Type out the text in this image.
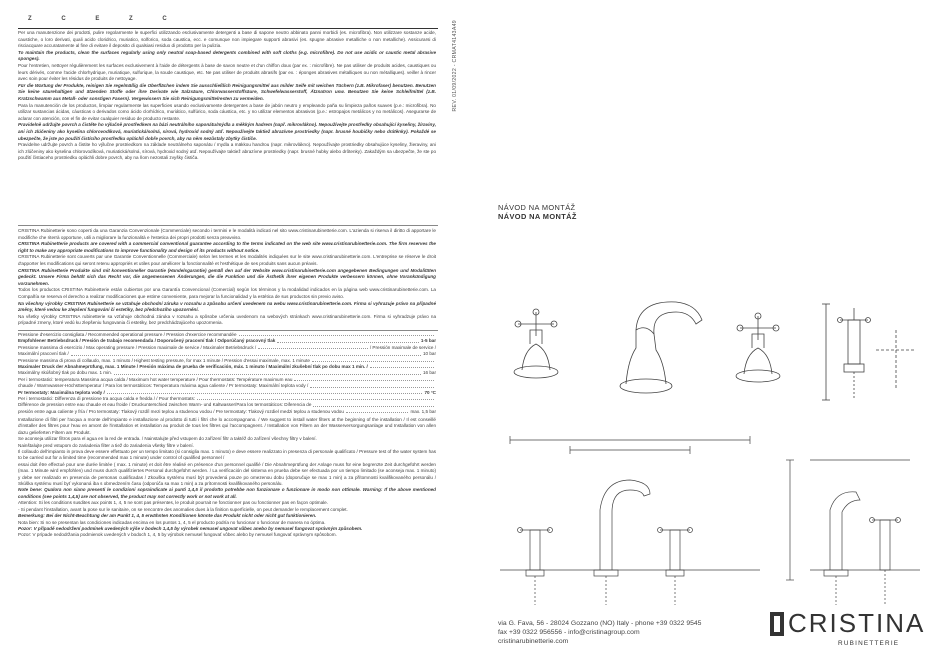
Z C E Z C

Per una manutenzione dei prodotti, pulire regolarmente le superfici utilizzando esclusivamente detergenti a base di sapone neutro abbinato panni morbidi (es. microfibra). Non utilizzare sostanze acide, caustiche, o loro derivati, quali acido cloridrico, muriatico, solforico, soda caustica, ecc. e comunque non impiegare supporti abrasivi (es. spugne abrasive metalliche o non metalliche). Assicurarsi di risciacquare accuratamente al fine di evitare il deposito di qualsiasi residuo di prodotto per la pulizia.

To maintain the products, clean the surfaces regularly using only neutral soap-based detergents combined with soft cloths (e.g. microfibre). Do not use acidic or caustic metal abrasive sponges).

Pour l'entretien, nettoyer régulièrement les surfaces exclusivement à l'aide de détergents à base de savon neutre et d'un chiffon doux (par ex. : microfibre). Ne pas utiliser de produits acides, caustiques ou leurs dérivés, comme l'acide chlorhydrique, muriatique, sulfurique, la soude caustique, etc. Ne pas utiliser de produits abrasifs (par ex. : éponges abrasives métalliques ou non métalliques). veiller à rincer avec soin pour éviter les résidus de produits de nettoyage.

Für die Wartung der Produkte, reinigen Sie regelmäßig die Oberflächen indem Sie ausschließlich Reinigungsmittel aus milder Seife mit weichen Tüchern (z.B. Mikrofaser) benutzen. Benutzen Sie keine säurehaltigen und ätzenden Stoffe oder ihre Derivate wie Salzsäure, Chlorwasserstoffsäure, Schwefelwasserstoff, Ätznatron usw. Benutzen Sie keine Schleifmittel (z.B. Kratzschwamm aus Metall- oder sonstigen Fasern). Vergewissern Sie sich Reinigungsmittelresten zu vermeiden.

Para la manutención de los productos, limpiar regularmente las superficies usando exclusivamente detergentes a base de jabón neutro y empleando paña su limpieza paños suaves (p.e.: microfibra). No utilizar sustancias ácidas, cáusticas o derivados como ácido clorhídrico, muriático, sulfúrico, soda cáustica, etc. y no utilizar elementos abrasivos (p.e.: estropajos metálicos y no metálicos). Asegurarse de aclarar con atención, con el fin de evitar cualquier residuo de producto restante.

Pravidelně udržujte povrch a čistěte ho výlučně prostředkem na bázi neutrálního saponátu/mýdla a měkkým hadrem (např. mikrovlákno). Nepoužívejte prostředky obsahující kyseliny, žíraviny, ani ich zlúčeniny ako kyselina chlorovodíková, muriatická/solná, sírová, hydroxid sodný atď. Nepoužívejte taktiež abrazívne prostriedky (napr. brusné houbičky nebo drátěnky). Pokaždé se ubezpečte, že jste po použití čistícího prostředku opláchli dobře povrch, aby na něm nezůstaly zbytky čističe.

Pravidelne udržujte povrch a čistite ho výlučne prostriedkom na základe neutrálneho saponátu / mydla a mäkkou handrou (napr. mikrovlákno). Nepoužívajte prostriedky obsahujúce kyseliny, žieraviny, ani ich zlúčeniny ako kyselina chlorovodíková, muriatická/solná, sírová, hydroxid sodný atď. Nepoužívajte taktiež abrazívne prostriedky (napr. brusné hubky alebo drôtenky). Zakaždým sa ubezpečte, že ste po použití čistiaceho prostriedku opláchli dobre povrch, aby na ňom nezostali zvyšky čističa.

CRISTINA Rubinetterie sono coperti da una Garanzia Convenzionale (Commerciale) secondo i termini e le modalità indicati nel sito www.cristinarubinetterie.com. L'azienda si riserva il diritto di apportare le modifiche che riterrà opportune, utili a migliorare la funzionalità e l'estetica dei propri prodotti senza preavviso.

CRISTINA Rubinetterie products are covered with a commercial conventional guarantee according to the terms indicated on the web site www.cristinarubinetterie.com. The firm reserves the right to make any appropriate modifications to improve functionality and design of its products without notice.

CRISTINA Rubinetterie sont couverts par une Garantie Conventionnelle (Commerciale) selon les termes et les modalités indiquées sur le site www.cristinarubinetterie.com. L'entreprise se réserve le droit d'apporter les modifications qui seront retenu appropriés et utiles pour améliorer la fonctionnalité et l'esthétique de ses produits sans aucun préavis.

CRISTINA Rubinetterie Produkte sind mit konventioneller Garantie (Handelsgarantie) gemäß den auf der Website www.cristinarubinetterie.com angegebenen Bedingungen und Modalitäten gedeckt. Unsere Firma behält sich das Recht vor, die angemessenen Änderungen, die die Funktion und die Ästhetik ihrer eigenen Produkte verbessern können, ohne Vorankündigung vorzunehmen.

Todos los productos CRISTINA Rubinetterie están cubiertos por una Garantía Convencional (Comercial) según los términos y la modalidad indicados en la página web www.cristinarubinetterie.com. La Compañía se reserva el derecho a realizar modificaciones que estime conveniente, para mejorar la funcionalidad y la estética de sus productos sin previo aviso.

Na všechny výrobky CRISTINA Rubinetterie se vztahuje obchodní záruka v rozsahu a způsobu určení uvedenem na webu www.cristinarubinetterie.com. Firma si vyhrazuje právo na případné změny, které vedou ke zlepšení fungování či estetiky, bez předchozího upozornění.

Na všetky výrobky CRISTINA rubinetterie sa vzťahuje obchodná záruka v rozsahu a spôsobe určenia uvedenom na webových stránkach www.cristinarubinetterie.com. Firma si vyhradzuje právo na prípadné zmeny, ktoré vedú ku zlepšeniu fungovania či estetiky, bez predchádzajúceho upozornenia.

Pressione d'esercizio consigliata / Recommended operational pressure / Pression d'exercice recommandée
Empfohlener Betriebsdruck / Presión de trabajo recomendada / Doporučený pracovní tlak / Odporúčaný pracovný tlak	1-5 bar
Pressione massima di esercizio / Max operating pressure / Pression maximale de service / Maximaler Betriebsdruck /	/ Pressión maximale de service /
Maximální pracovní tlak /	10 bar
Pressione massima di prova di collaudo, max. 1 minuto / Highest testing pressure, for max 1 minute / Pression d'essai maximale, max. 1 minute
Maximaler Druck der Abnahmeprüfung, max. 1 Minute / Presión máxima de prueba de verificación, máx. 1 minuto / Maximální zkušební tlak po dobu max 1 min. /
Maximálny skúšobný tlak po dobu max. 1 min.	16 bar
Per i termostatici: temperatura Massima acqua calda / Maximum hot water temperature / Pour thermostats: Température maximum eau
chaude / Warmwasser-Höchsttemperatur / Para los termostáticos: Temperatura máxima agua caliente / Pr termostaty: Maximální teplota vody /
Pr termostaty: Maximálna teplota vody /	70 °C
Per i termostatici: Differenza di pressione tra acqua calda e fredda / / Pour thermostats:
Différence de pression entre eau chaude et eau froide / Druckunterschied zwischen Warm- und Kaltwasser/Para los termostáticos: Diferencia de
presión entre agua caliente y fría / Pro termostaty: Tlakový rozdíl mezi teplou a studenou vodou / Pre termostaty: Tlakový rozdiel medzi teplou a studenou vodou	max. 1,5 bar

Installazione di filtri per l'acqua a monte dell'impianto e installazione al prodotto di tutti i filtri che lo accompagnano. / We suggest to install water filters at the beginning of the installation / Il est conseillé d'installer des filtres pour l'eau en amont de l'installation et installation au produit de tous les filtres qui l'accompagnent. / Installation von Filtern an der Wasserversorgungsanlage und Installation von allen dazu gelieferten Filtern am Produkt.

Se aconseja utilizar filtros para el agua en la red de entrada. / Nainstalujte před vstupem do zařízení filtr a taktéž do zařízení všechny filtry v balení.

Nainštalujte pred vstupom do zariadenia filter a tiež do zariadenia všetky filtre v balení.

Il collaudo dell'impianto in prova deve essere effettuato per un tempo limitato (si consiglia max. 1 minuto) e deve essere realizzato in presenza di personale qualificato / Pressure test of the water system has to be carried out for a limited time (recommended max 1 minute) under control of qualified personnel /

essai doit être effectué pour une durée limitée ( max. 1 minute) et doit être réalisé en présence d'un personnel qualifié / Die Abnahmeprüfung der Anlage muss für eine begrenzte Zeit durchgeführt werden (max. 1 Minute wird empfohlen) und muss durch qualifiziertes Personal durchgeführt werden. / La verificación del sistema en prueba debe ser efectuada por un tiempo limitado (se aconseja max. 1 minuto) y debe ser realizado en presencia de personas cualificadas / Zkouška systému musí být provedená pouze po omezenou dobu (doporučuje se max 1 min) a za přítomnosti kvalifikovaného personálu / Skúška systému musí byť vykonaná iba s obmedzením času (odporúča sa max 1 min) a za prítomnosti kvalifikovaného personálu.

Note bene: Qualora non siano presenti le condizioni sopraindicate ai punti 1,4,5 il prodotto potrebbe non funzionare o funzionare in modo non ottimale. Warning: If the above mentioned conditions (see points 1,4,5) are not observed, the product may not correctly work or not work at all.

Attention: Si les conditions susdites aux points 1, 4, 5 ne sont pas présentes, le produit pourrait ne fonctionner pas ou fonctionner pas en façon optimale.

- Si pendant l'installation, avant la pose sur le sanitaire, on se rencontre des anomalies dues à la finition superficielle, on peut demander le remplacement complet.

Bemerkung: Bei der Nicht-Beachtung der am Punkt 1, 4, 5 erwähnten Konditionen könnte das Produkt nicht oder nicht gut funktionieren.

Nota bien: Si no se presentan las condiciones indicadas encima en los puntos 1, 4, 5 el producto podría no funcionar o funcionar de manera no óptima.

Pozor: V případě nedodržení podmínek uvedených výše v bodech 1,4,5 by výrobek nemusel ungovat vůbec anebo by nemusel fungovat správným způsobem.

Pozor: V prípade nedodržania podmienok uvedených v bodoch 1, 4, 5 by výrobok nemusel fungovať vôbec alebo by nemusel fungovať správnym spôsobom.

REV. 01/09/2022 - CRMAT4143A49
NÁVOD NA MONTÁŽ
NÁVOD NA MONTÁŽ
via G. Fava, 56 - 28024 Gozzano (NO) Italy - phone +39 0322 9545
fax +39 0322 956556 - info@cristinagroup.com
cristinarubinetterie.com
CRISTINA
RUBINETTERIE
